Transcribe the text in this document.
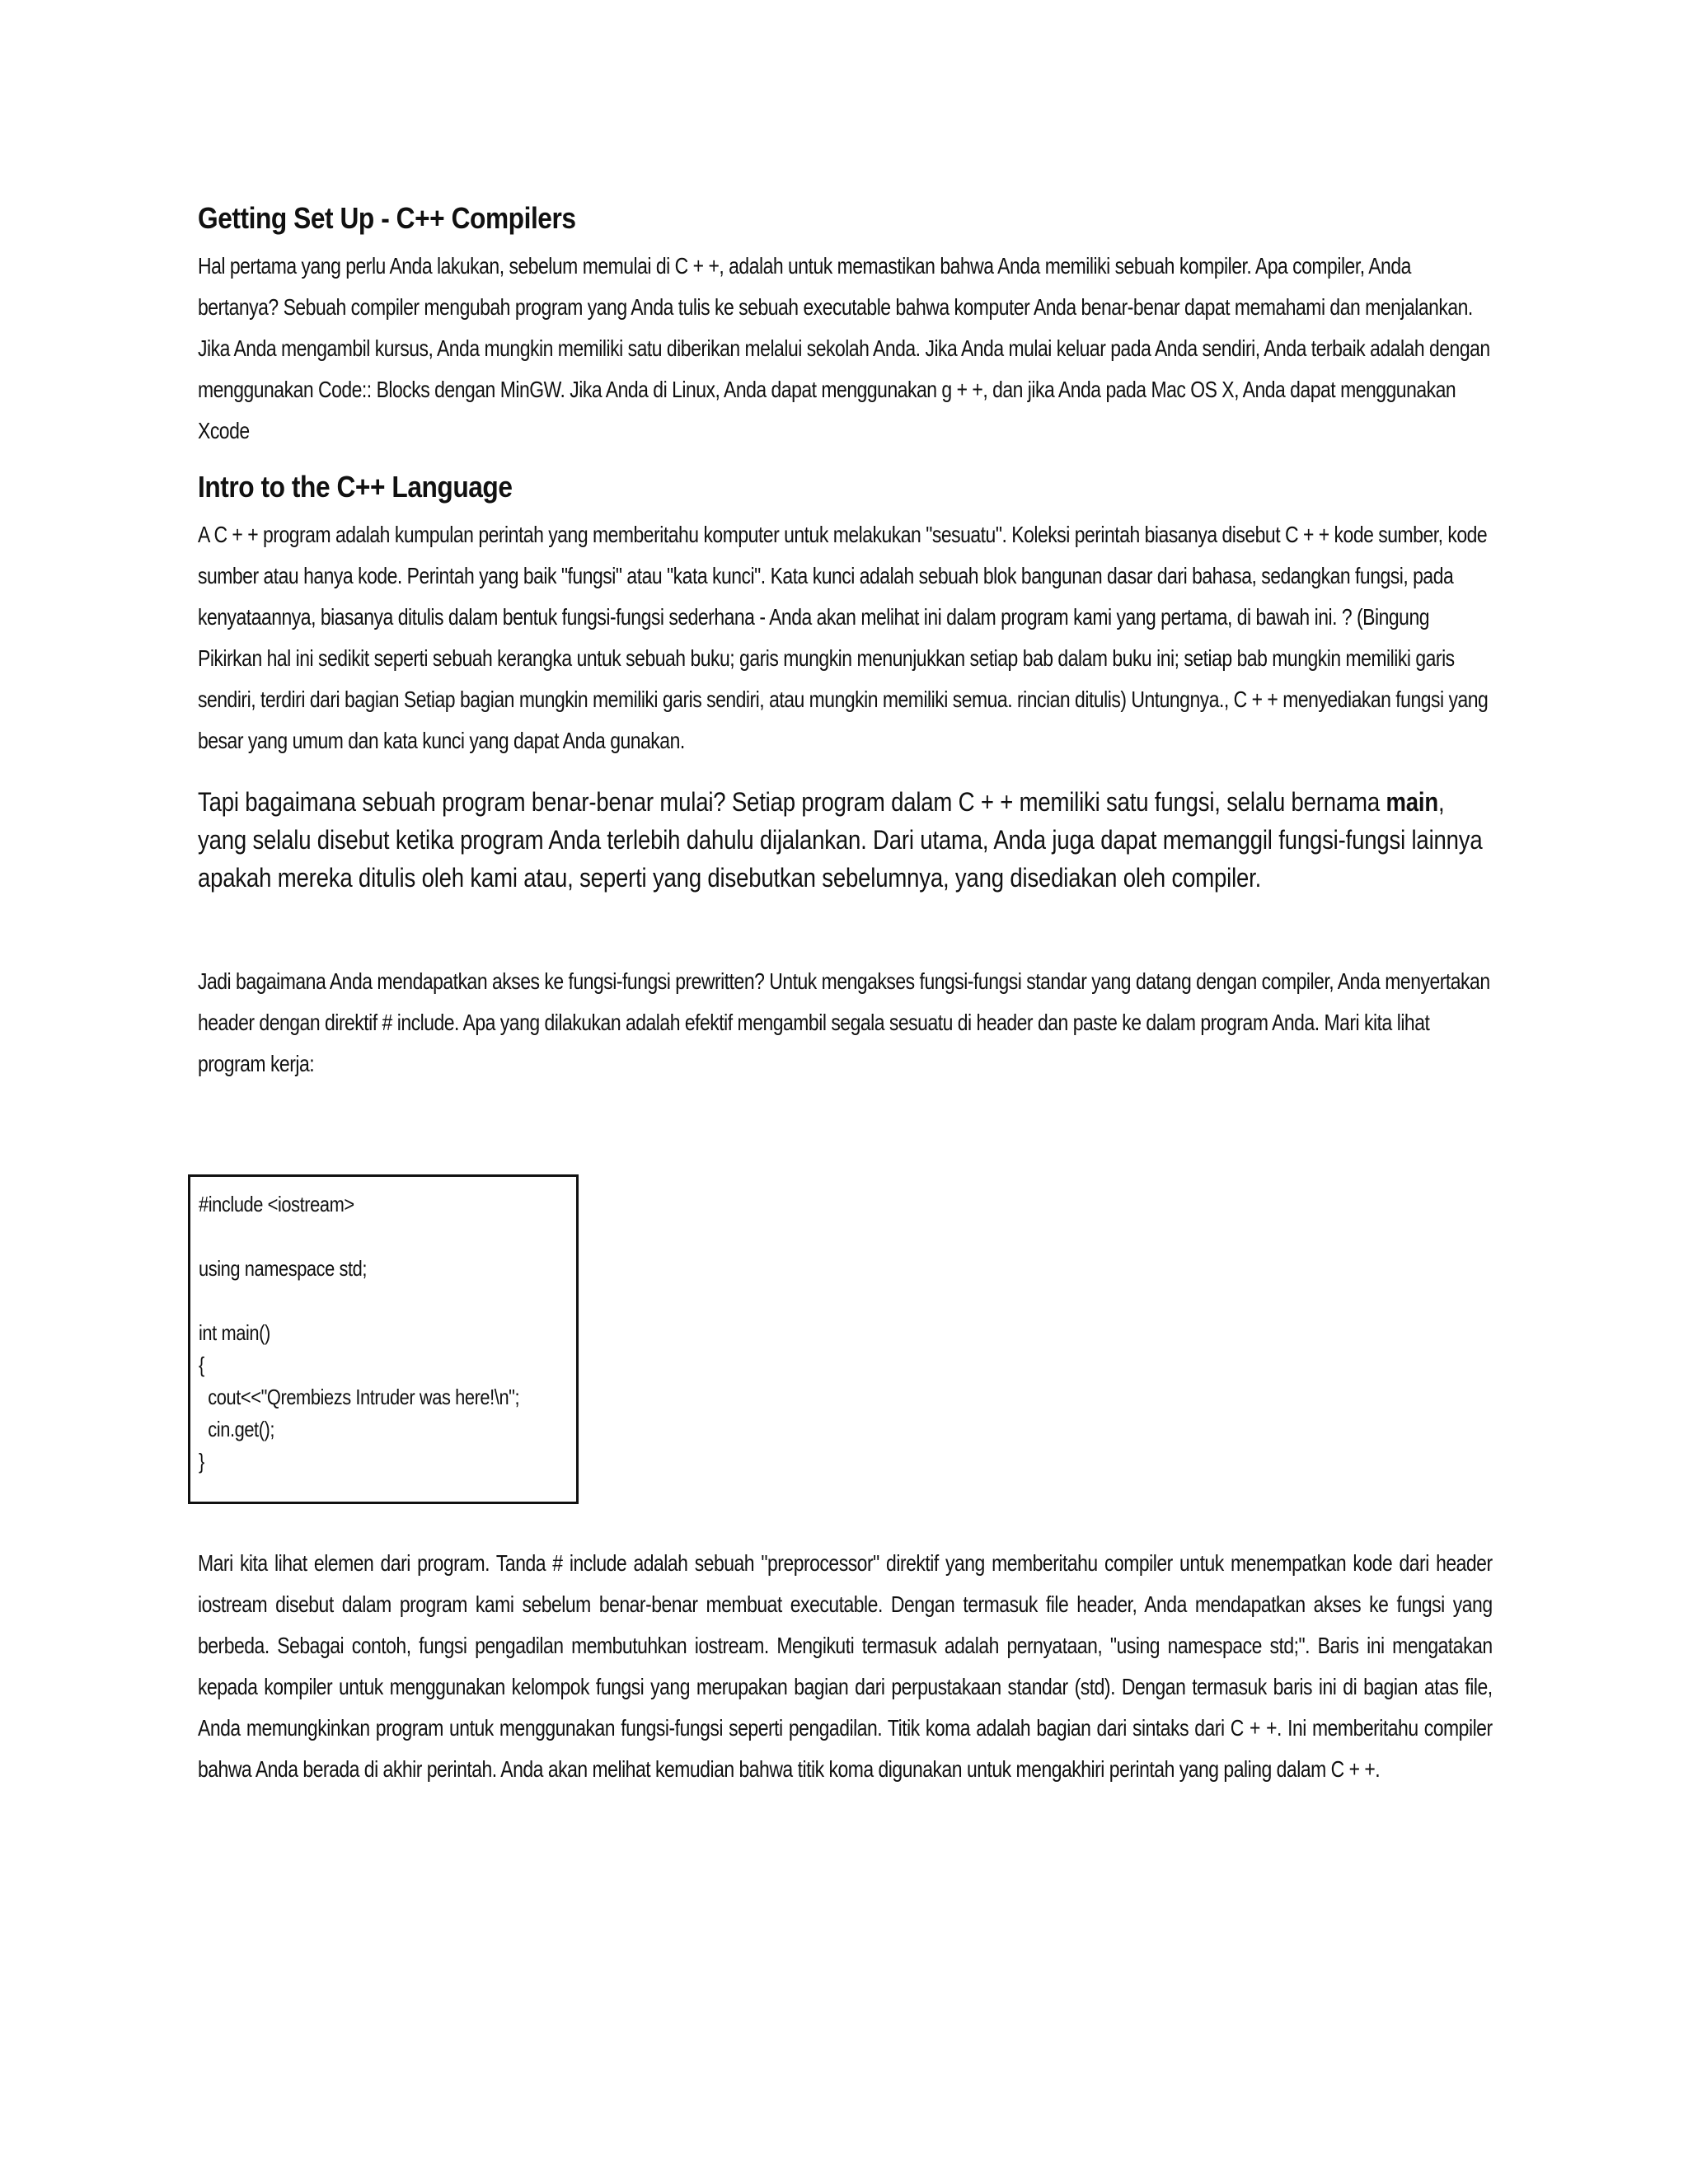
Getting Set Up - C++ Compilers

Hal pertama yang perlu Anda lakukan, sebelum memulai di C + +, adalah untuk memastikan bahwa Anda memiliki sebuah kompiler. Apa compiler, Anda bertanya? Sebuah compiler mengubah program yang Anda tulis ke sebuah executable bahwa komputer Anda benar-benar dapat memahami dan menjalankan. Jika Anda mengambil kursus, Anda mungkin memiliki satu diberikan melalui sekolah Anda. Jika Anda mulai keluar pada Anda sendiri, Anda terbaik adalah dengan menggunakan Code:: Blocks dengan MinGW. Jika Anda di Linux, Anda dapat menggunakan g + +, dan jika Anda pada Mac OS X, Anda dapat menggunakan Xcode

Intro to the C++ Language

A C + + program adalah kumpulan perintah yang memberitahu komputer untuk melakukan "sesuatu". Koleksi perintah biasanya disebut C + + kode sumber, kode sumber atau hanya kode. Perintah yang baik "fungsi" atau "kata kunci". Kata kunci adalah sebuah blok bangunan dasar dari bahasa, sedangkan fungsi, pada kenyataannya, biasanya ditulis dalam bentuk fungsi-fungsi sederhana - Anda akan melihat ini dalam program kami yang pertama, di bawah ini. ? (Bingung Pikirkan hal ini sedikit seperti sebuah kerangka untuk sebuah buku; garis mungkin menunjukkan setiap bab dalam buku ini; setiap bab mungkin memiliki garis sendiri, terdiri dari bagian Setiap bagian mungkin memiliki garis sendiri, atau mungkin memiliki semua. rincian ditulis) Untungnya., C + + menyediakan fungsi yang besar yang umum dan kata kunci yang dapat Anda gunakan.

Tapi bagaimana sebuah program benar-benar mulai? Setiap program dalam C + + memiliki satu fungsi, selalu bernama main, yang selalu disebut ketika program Anda terlebih dahulu dijalankan. Dari utama, Anda juga dapat memanggil fungsi-fungsi lainnya apakah mereka ditulis oleh kami atau, seperti yang disebutkan sebelumnya, yang disediakan oleh compiler.

Jadi bagaimana Anda mendapatkan akses ke fungsi-fungsi prewritten? Untuk mengakses fungsi-fungsi standar yang datang dengan compiler, Anda menyertakan header dengan direktif # include. Apa yang dilakukan adalah efektif mengambil segala sesuatu di header dan paste ke dalam program Anda. Mari kita lihat program kerja:

#include <iostream>
using namespace std;
int main()
{
cout<<"Qrembiezs Intruder was here!\n";
cin.get();
}

Mari kita lihat elemen dari program. Tanda # include adalah sebuah "preprocessor" direktif yang memberitahu compiler untuk menempatkan kode dari header iostream disebut dalam program kami sebelum benar-benar membuat executable. Dengan termasuk file header, Anda mendapatkan akses ke fungsi yang berbeda. Sebagai contoh, fungsi pengadilan membutuhkan iostream. Mengikuti termasuk adalah pernyataan, "using namespace std;". Baris ini mengatakan kepada kompiler untuk menggunakan kelompok fungsi yang merupakan bagian dari perpustakaan standar (std). Dengan termasuk baris ini di bagian atas file, Anda memungkinkan program untuk menggunakan fungsi-fungsi seperti pengadilan. Titik koma adalah bagian dari sintaks dari C + +. Ini memberitahu compiler bahwa Anda berada di akhir perintah. Anda akan melihat kemudian bahwa titik koma digunakan untuk mengakhiri perintah yang paling dalam C + +.
